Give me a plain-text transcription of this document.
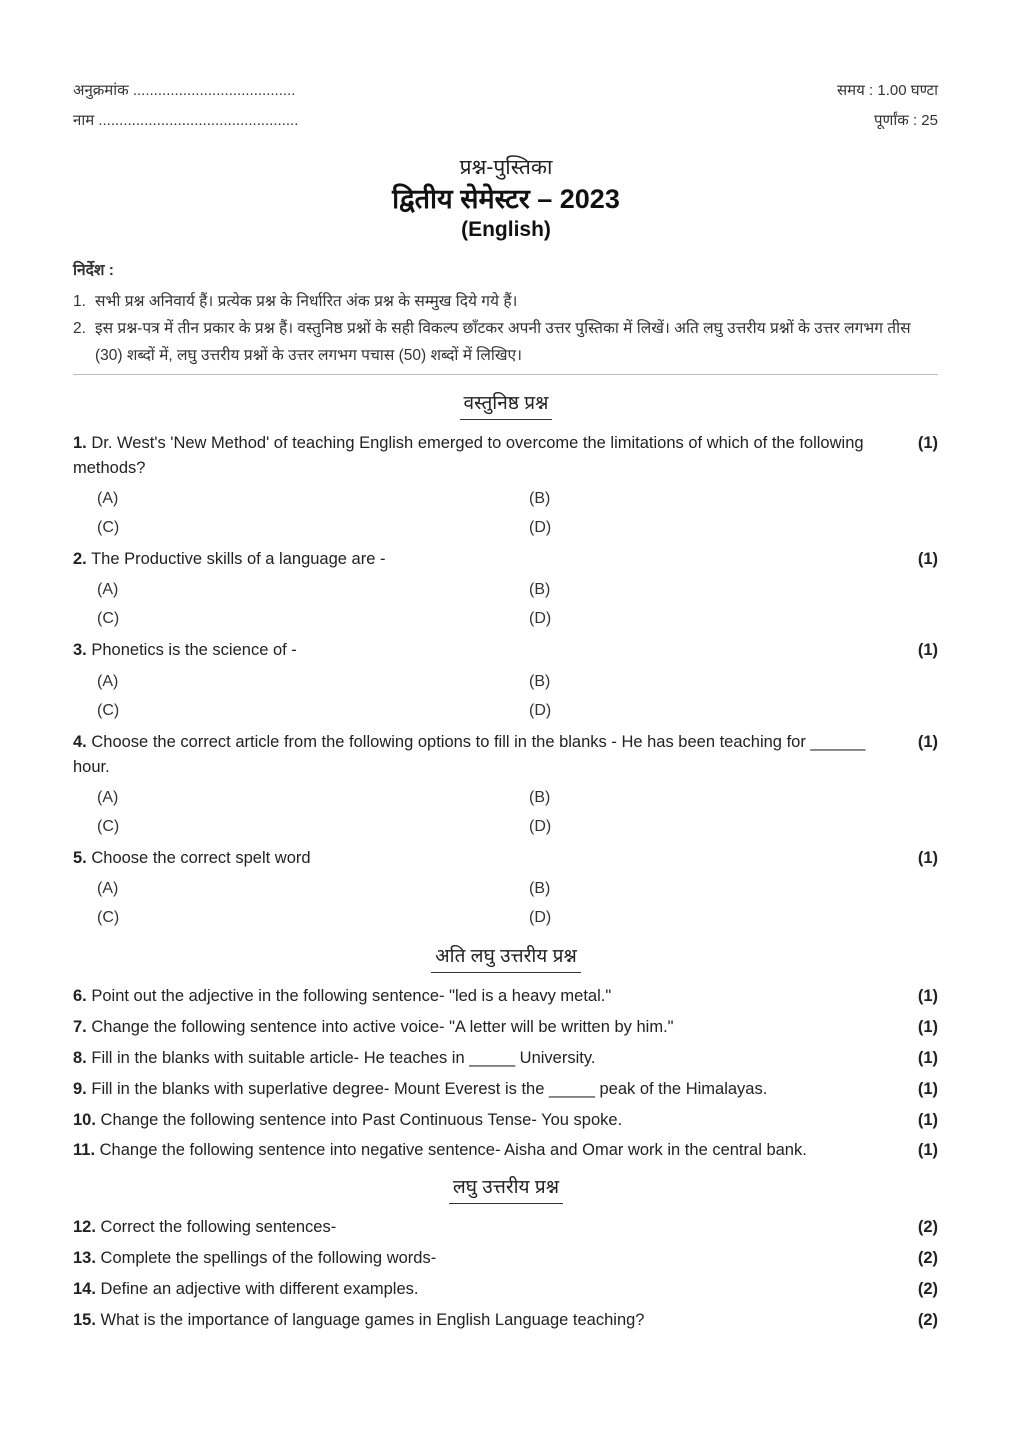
अनुक्रमांक .......................................
नाम ................................................
समय : 1.00 घण्टा
पूर्णांक : 25
प्रश्न-पुस्तिका
द्वितीय सेमेस्टर – 2023
(English)
निर्देश :
1. सभी प्रश्न अनिवार्य हैं। प्रत्येक प्रश्न के निर्धारित अंक प्रश्न के सम्मुख दिये गये हैं।
2. इस प्रश्न-पत्र में तीन प्रकार के प्रश्न हैं। वस्तुनिष्ठ प्रश्नों के सही विकल्प छाँटकर अपनी उत्तर पुस्तिका में लिखें। अति लघु उत्तरीय प्रश्नों के उत्तर लगभग तीस (30) शब्दों में, लघु उत्तरीय प्रश्नों के उत्तर लगभग पचास (50) शब्दों में लिखिए।
वस्तुनिष्ठ प्रश्न
1. Dr. West's 'New Method' of teaching English emerged to overcome the limitations of which of the following methods?
(1)
(A)	(B)
(C)	(D)
2. The Productive skills of a language are -	(1)
(A)	(B)
(C)	(D)
3. Phonetics is the science of -	(1)
(A)	(B)
(C)	(D)
4. Choose the correct article from the following options to fill in the blanks - He has been teaching for ______ hour.
(1)
(A)	(B)
(C)	(D)
5. Choose the correct spelt word	(1)
(A)	(B)
(C)	(D)
अति लघु उत्तरीय प्रश्न
6. Point out the adjective in the following sentence- "led is a heavy metal."	(1)
7. Change the following sentence into active voice- "A letter will be written by him."	(1)
8. Fill in the blanks with suitable article- He teaches in _____ University.	(1)
9. Fill in the blanks with superlative degree- Mount Everest is the _____ peak of the Himalayas.	(1)
10. Change the following sentence into Past Continuous Tense- You spoke.	(1)
11. Change the following sentence into negative sentence- Aisha and Omar work in the central bank.	(1)
लघु उत्तरीय प्रश्न
12. Correct the following sentences-	(2)
13. Complete the spellings of the following words-	(2)
14. Define an adjective with different examples.	(2)
15. What is the importance of language games in English Language teaching?	(2)
